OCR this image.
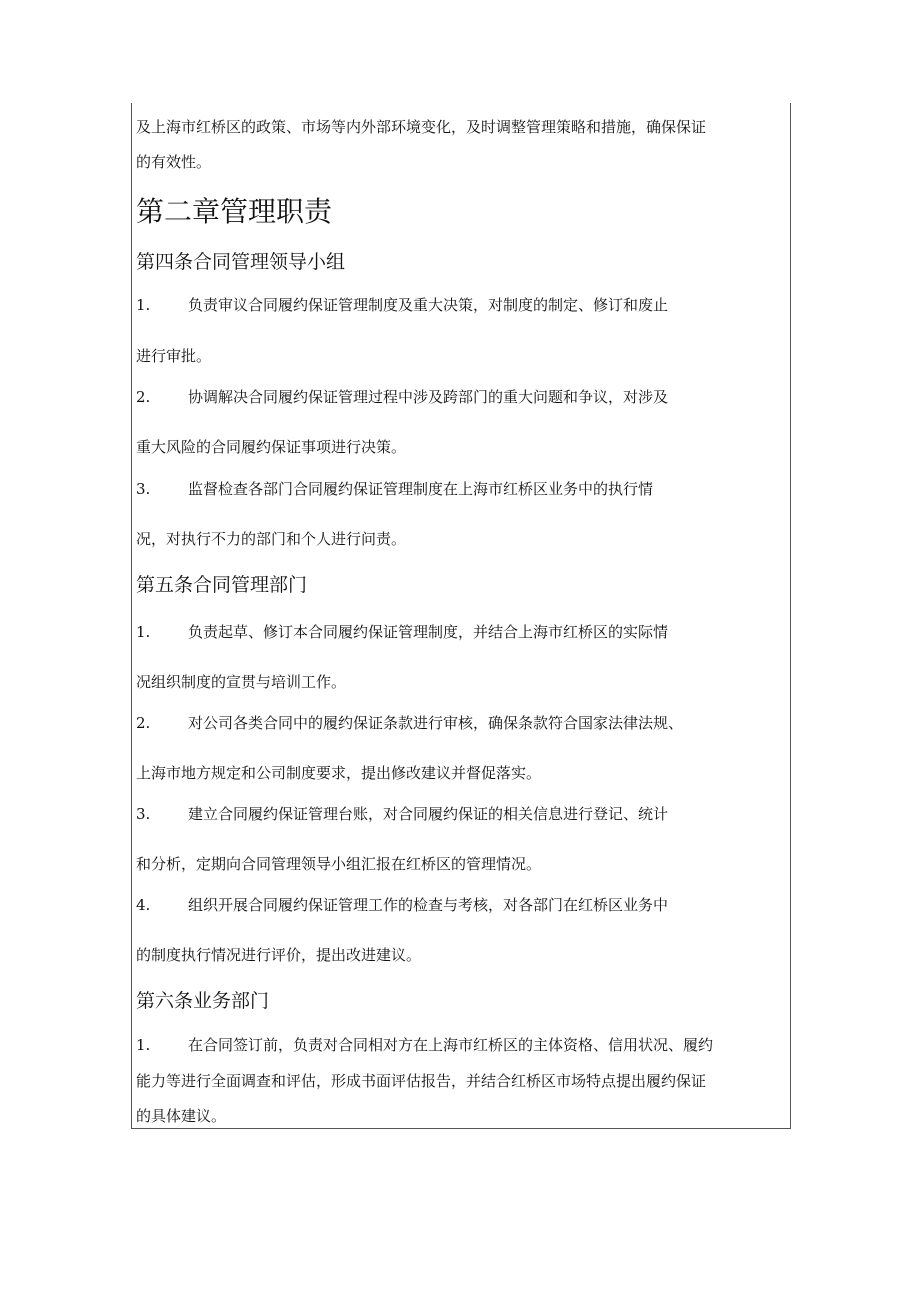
及上海市红桥区的政策、市场等内外部环境变化，及时调整管理策略和措施，确保保证

的有效性。

第二章管理职责
第四条合同管理领导小组
1.	负责审议合同履约保证管理制度及重大决策，对制度的制定、修订和废止

进行审批。

2.	协调解决合同履约保证管理过程中涉及跨部门的重大问题和争议，对涉及

重大风险的合同履约保证事项进行决策。

3.	监督检查各部门合同履约保证管理制度在上海市红桥区业务中的执行情

况，对执行不力的部门和个人进行问责。

第五条合同管理部门
1.	负责起草、修订本合同履约保证管理制度，并结合上海市红桥区的实际情

况组织制度的宣贯与培训工作。

2.	对公司各类合同中的履约保证条款进行审核，确保条款符合国家法律法规、

上海市地方规定和公司制度要求，提出修改建议并督促落实。

3.	建立合同履约保证管理台账，对合同履约保证的相关信息进行登记、统计

和分析，定期向合同管理领导小组汇报在红桥区的管理情况。

4.	组织开展合同履约保证管理工作的检查与考核，对各部门在红桥区业务中

的制度执行情况进行评价，提出改进建议。

第六条业务部门
1.	在合同签订前，负责对合同相对方在上海市红桥区的主体资格、信用状况、履约

能力等进行全面调查和评估，形成书面评估报告，并结合红桥区市场特点提出履约保证

的具体建议。
